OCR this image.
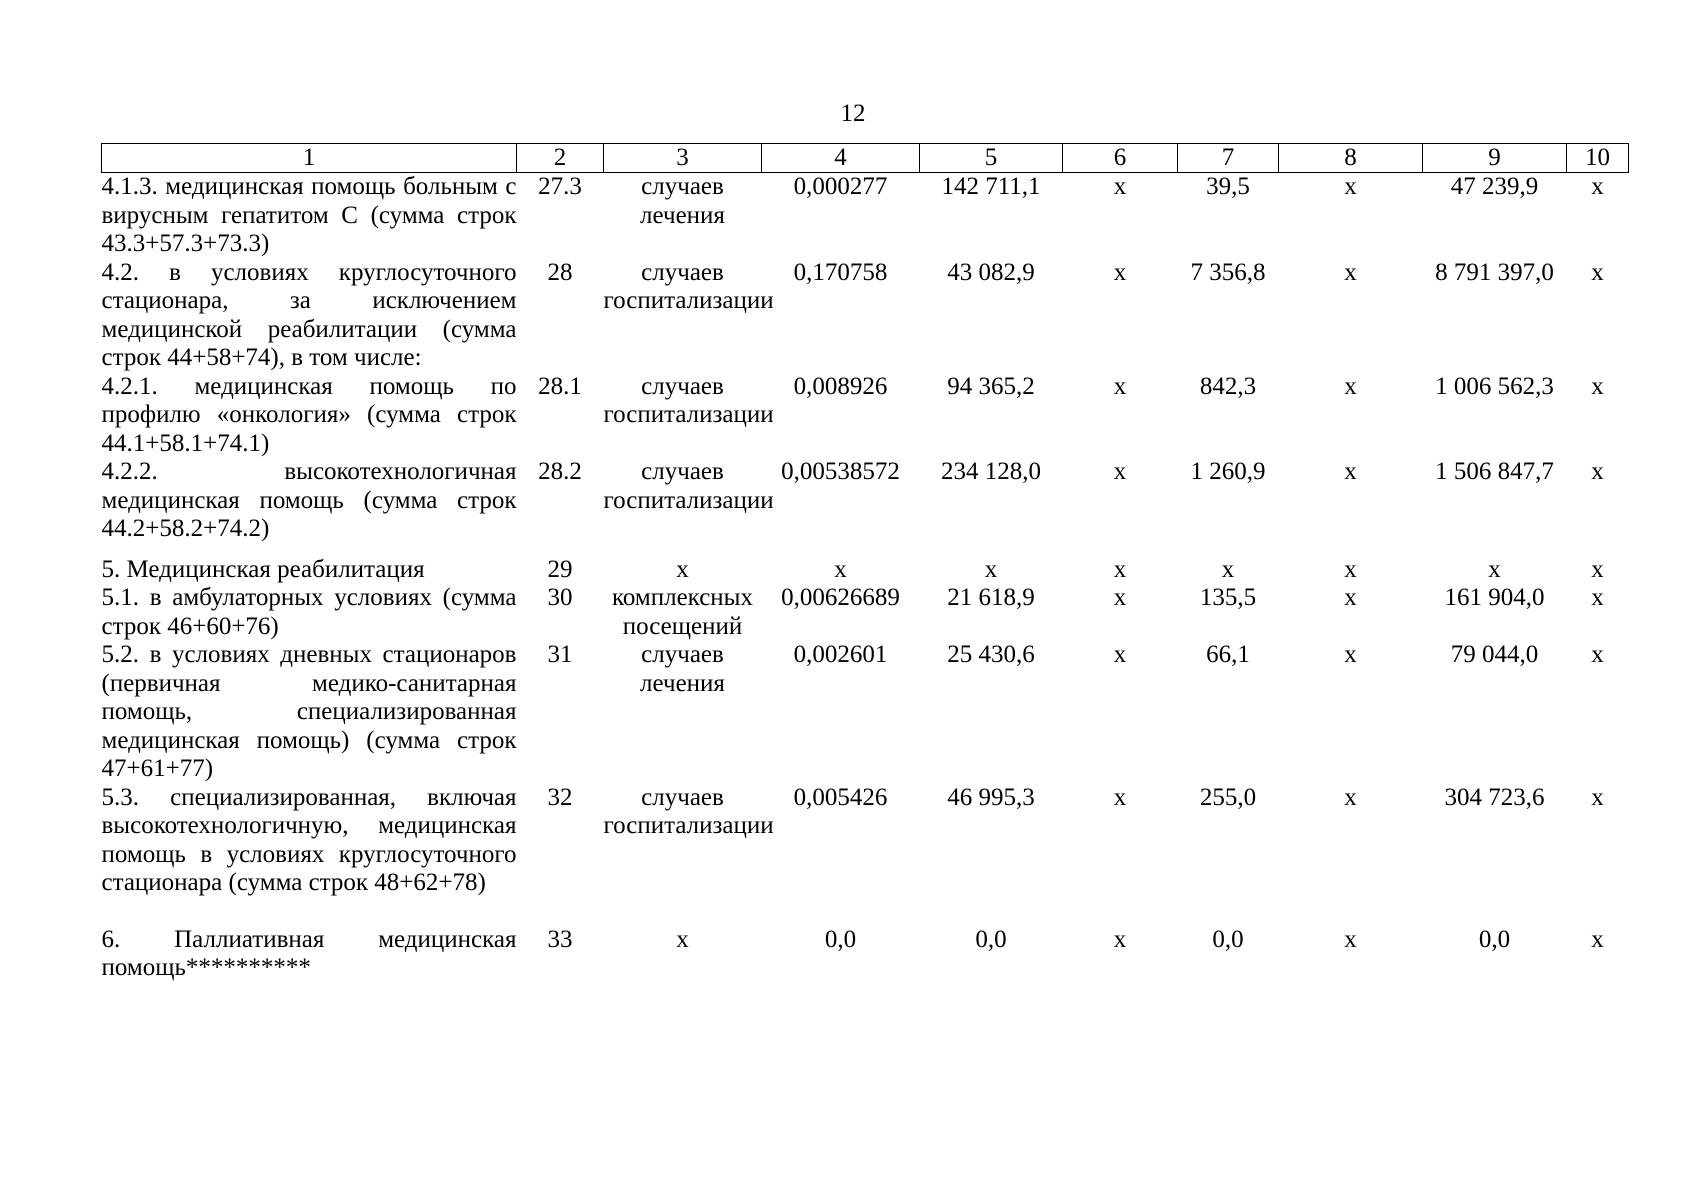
12
1	2	3	4	5	6	7	8	9	10
4.1.3. медицинская помощь больным с вирусным гепатитом С (сумма строк 43.3+57.3+73.3)	27.3	случаев лечения	0,000277	142 711,1	х	39,5	х	47 239,9	х
4.2. в условиях круглосуточного стационара, за исключением медицинской реабилитации (сумма строк 44+58+74), в том числе:	28	случаев госпитализации	0,170758	43 082,9	х	7 356,8	х	8 791 397,0	х
4.2.1. медицинская помощь по профилю «онкология» (сумма строк 44.1+58.1+74.1)	28.1	случаев госпитализации	0,008926	94 365,2	х	842,3	х	1 006 562,3	х
4.2.2. высокотехнологичная медицинская помощь (сумма строк 44.2+58.2+74.2)	28.2	случаев госпитализации	0,00538572	234 128,0	х	1 260,9	х	1 506 847,7	х
5. Медицинская реабилитация	29	х	х	х	х	х	х	х	х
5.1. в амбулаторных условиях (сумма строк 46+60+76)	30	комплексных посещений	0,00626689	21 618,9	х	135,5	х	161 904,0	х
5.2. в условиях дневных стационаров (первичная медико-санитарная помощь, специализированная медицинская помощь) (сумма строк 47+61+77)	31	случаев лечения	0,002601	25 430,6	х	66,1	х	79 044,0	х
5.3. специализированная, включая высокотехнологичную, медицинская помощь в условиях круглосуточного стационара (сумма строк 48+62+78)	32	случаев госпитализации	0,005426	46 995,3	х	255,0	х	304 723,6	х
6. Паллиативная медицинская помощь**********	33	х	0,0	0,0	х	0,0	х	0,0	х
